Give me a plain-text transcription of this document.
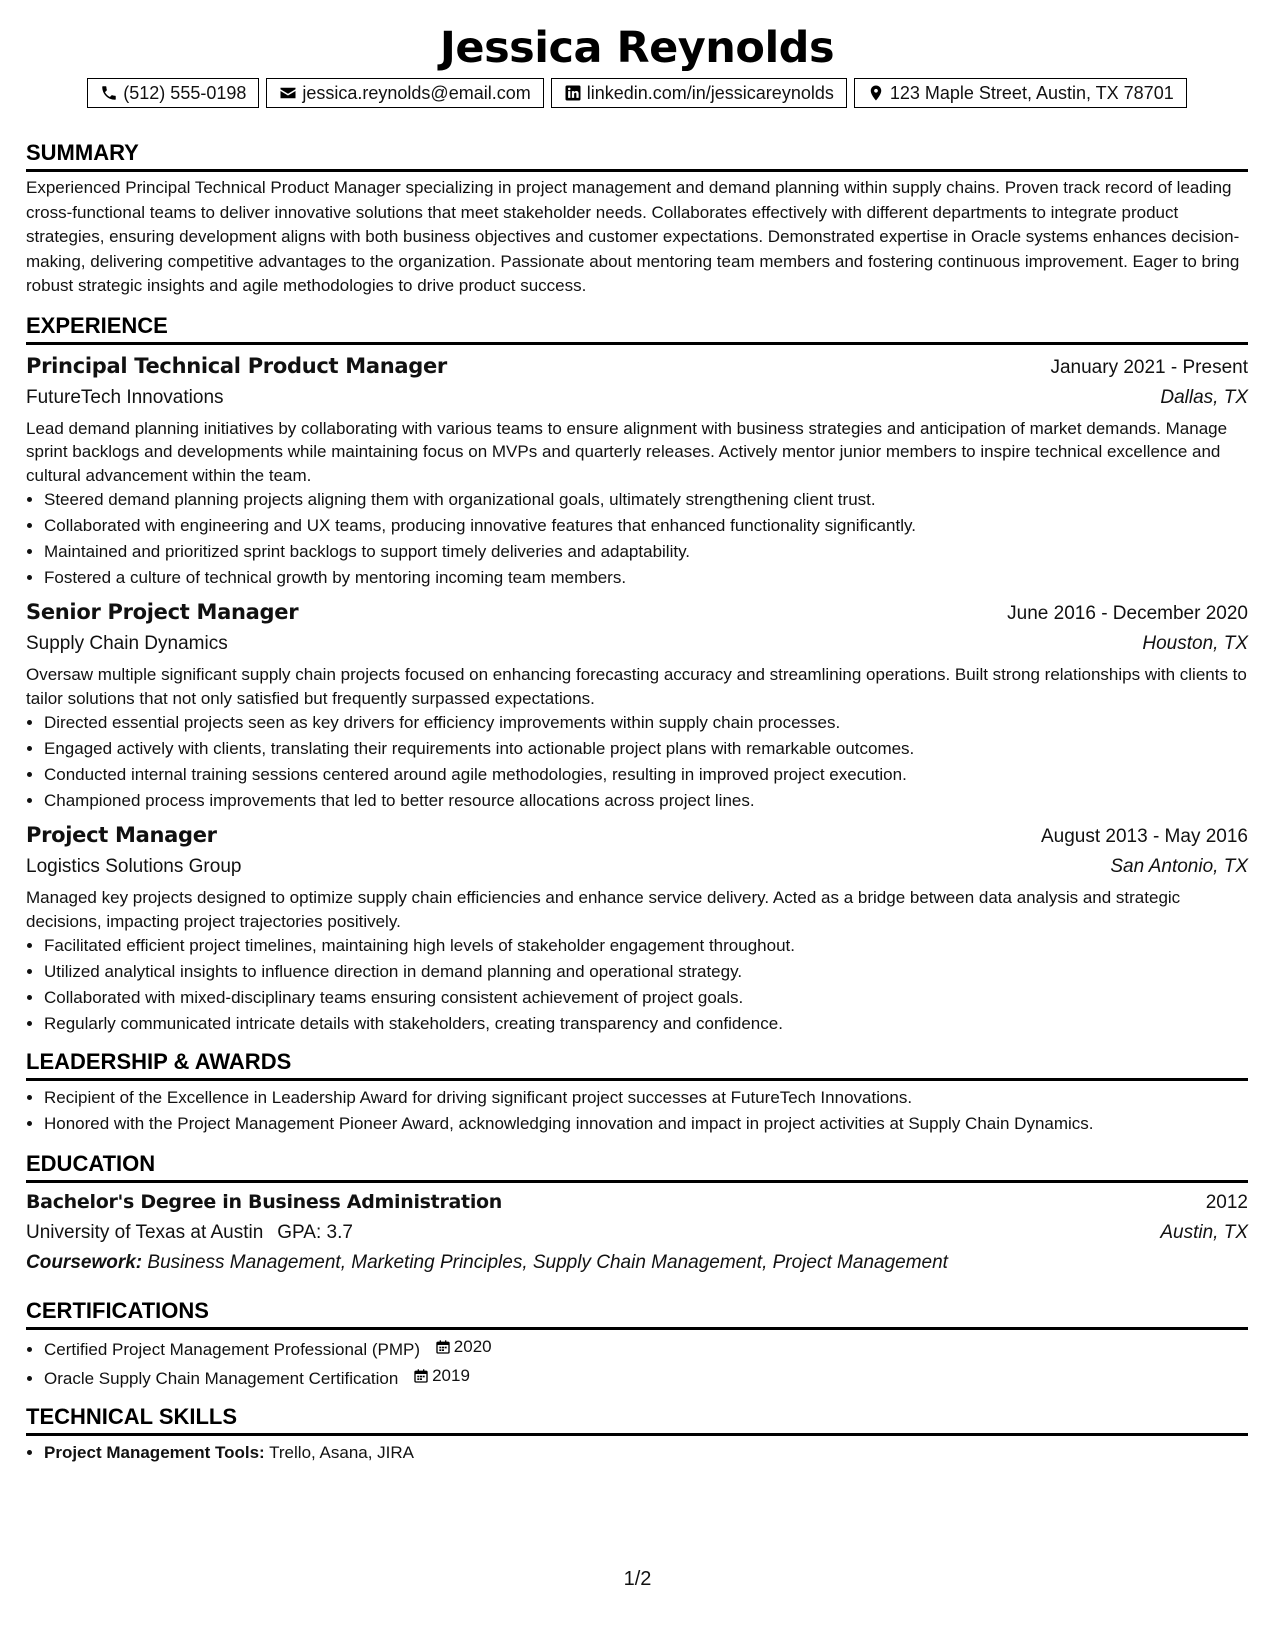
Jessica Reynolds
(512) 555-0198	jessica.reynolds@email.com	linkedin.com/in/jessicareynolds	123 Maple Street, Austin, TX 78701
SUMMARY

Experienced Principal Technical Product Manager specializing in project management and demand planning within supply chains. Proven track record of leading cross-functional teams to deliver innovative solutions that meet stakeholder needs. Collaborates effectively with different departments to integrate product strategies, ensuring development aligns with both business objectives and customer expectations. Demonstrated expertise in Oracle systems enhances decision-making, delivering competitive advantages to the organization. Passionate about mentoring team members and fostering continuous improvement. Eager to bring robust strategic insights and agile methodologies to drive product success.

EXPERIENCE
Principal Technical Product Manager	January 2021 - Present
FutureTech Innovations	Dallas, TX

Lead demand planning initiatives by collaborating with various teams to ensure alignment with business strategies and anticipation of market demands. Manage sprint backlogs and developments while maintaining focus on MVPs and quarterly releases. Actively mentor junior members to inspire technical excellence and cultural advancement within the team.

• Steered demand planning projects aligning them with organizational goals, ultimately strengthening client trust.
• Collaborated with engineering and UX teams, producing innovative features that enhanced functionality significantly.
• Maintained and prioritized sprint backlogs to support timely deliveries and adaptability.
• Fostered a culture of technical growth by mentoring incoming team members.
Senior Project Manager	June 2016 - December 2020
Supply Chain Dynamics	Houston, TX

Oversaw multiple significant supply chain projects focused on enhancing forecasting accuracy and streamlining operations. Built strong relationships with clients to tailor solutions that not only satisfied but frequently surpassed expectations.

• Directed essential projects seen as key drivers for efficiency improvements within supply chain processes.
• Engaged actively with clients, translating their requirements into actionable project plans with remarkable outcomes.
• Conducted internal training sessions centered around agile methodologies, resulting in improved project execution.
• Championed process improvements that led to better resource allocations across project lines.
Project Manager	August 2013 - May 2016
Logistics Solutions Group	San Antonio, TX

Managed key projects designed to optimize supply chain efficiencies and enhance service delivery. Acted as a bridge between data analysis and strategic decisions, impacting project trajectories positively.

• Facilitated efficient project timelines, maintaining high levels of stakeholder engagement throughout.
• Utilized analytical insights to influence direction in demand planning and operational strategy.
• Collaborated with mixed-disciplinary teams ensuring consistent achievement of project goals.
• Regularly communicated intricate details with stakeholders, creating transparency and confidence.
LEADERSHIP & AWARDS
• Recipient of the Excellence in Leadership Award for driving significant project successes at FutureTech Innovations.
• Honored with the Project Management Pioneer Award, acknowledging innovation and impact in project activities at Supply Chain Dynamics.
EDUCATION
Bachelor's Degree in Business Administration	2012
University of Texas at Austin GPA: 3.7	Austin, TX
Coursework: Business Management, Marketing Principles, Supply Chain Management, Project Management
CERTIFICATIONS
• Certified Project Management Professional (PMP) 2020
• Oracle Supply Chain Management Certification 2019
TECHNICAL SKILLS
• Project Management Tools: Trello, Asana, JIRA
1/2
